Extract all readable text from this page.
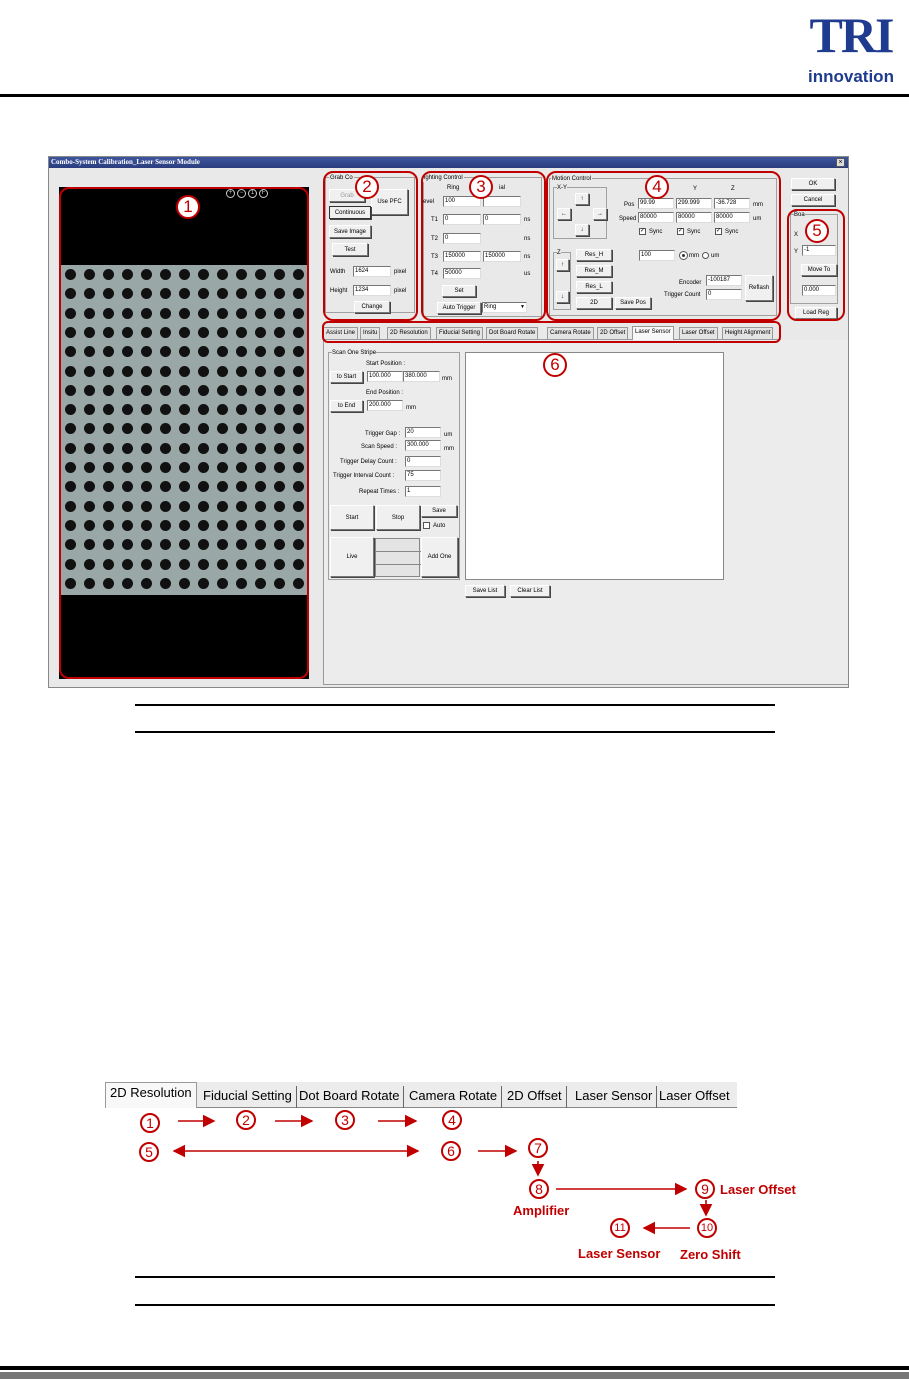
TRI
innovation
Combo-System Calibration_Laser Sensor Module	×
+	−	1	F
Grab Co
Grab
Use PFC
Continuous
Save Image
Test
Width	1624	pixel
Height	1234	pixel
Change
ighting Control
Ring	ial
evel	100
T1	0	0	ns
T2	0	ns
T3	150000	150000	ns
T4	50000	us
Set
Auto Trigger	Ring	▼
Motion Control
X-Y
↑
←	→
↓
Z
↑
↓
Y	Z
Pos 99.99	299.999	-36.728	mm
Speed 80000	80000	80000	um
✓ Sync	✓ Sync	✓ Sync
100	mm um
Res_H
Res_M
Res_L
2D	Save Pos
Encoder	-100187
Trigger Count	0
Reflash
OK
Cancel
Boa
X
Y -1
Move To
0.000
Load Reg
Assist Line	Insitu	2D Resolution	Fiducial Setting	Dot Board Rotate	Camera Rotate	2D Offset	Laser Sensor	Laser Offset	Height Alignment
Scan One Stripe
Start Position :
to Start	100.000	380.000	mm
End Position :
to End	200.000	mm
Trigger Gap :	20	um
Scan Speed :	300.000
mm
Trigger Delay Count :	0
Trigger Interval Count :	75
Repeat Times :	1
Start	Stop
Save
Auto
Live	Add One
Save List	Clear List
1
2	3	4
5
6
2D Resolution Fiducial Setting Dot Board Rotate Camera Rotate 2D Offset	Laser Sensor Laser Offset
1	2	3	4
5	6	7
8	9
10
11
Amplifier
Laser Offset
Zero Shift
Laser Sensor
